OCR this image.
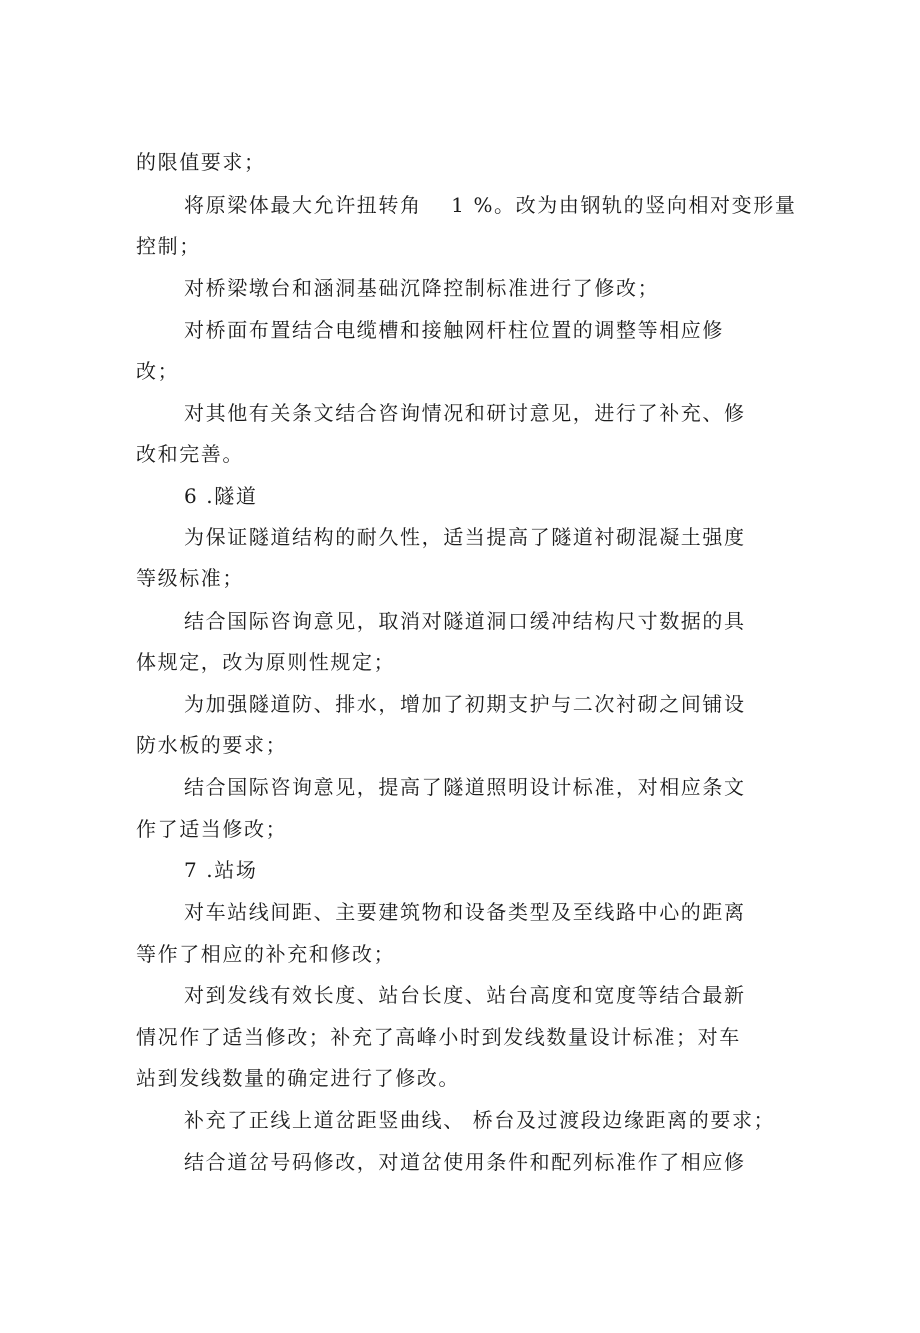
的限值要求；
将原梁体最大允许扭转角　 1 %。改为由钢轨的竖向相对变形量
控制；
对桥梁墩台和涵洞基础沉降控制标准进行了修改；
对桥面布置结合电缆槽和接触网杆柱位置的调整等相应修
改；
对其他有关条文结合咨询情况和研讨意见，进行了补充、修
改和完善。
6 .隧道
为保证隧道结构的耐久性，适当提高了隧道衬砌混凝土强度
等级标准；
结合国际咨询意见，取消对隧道洞口缓冲结构尺寸数据的具
体规定，改为原则性规定；
为加强隧道防、排水，增加了初期支护与二次衬砌之间铺设
防水板的要求；
结合国际咨询意见，提高了隧道照明设计标准，对相应条文
作了适当修改；
7 .站场
对车站线间距、主要建筑物和设备类型及至线路中心的距离
等作了相应的补充和修改；
对到发线有效长度、站台长度、站台高度和宽度等结合最新
情况作了适当修改；补充了高峰小时到发线数量设计标准；对车
站到发线数量的确定进行了修改。
补充了正线上道岔距竖曲线、 桥台及过渡段边缘距离的要求；
结合道岔号码修改，对道岔使用条件和配列标准作了相应修
